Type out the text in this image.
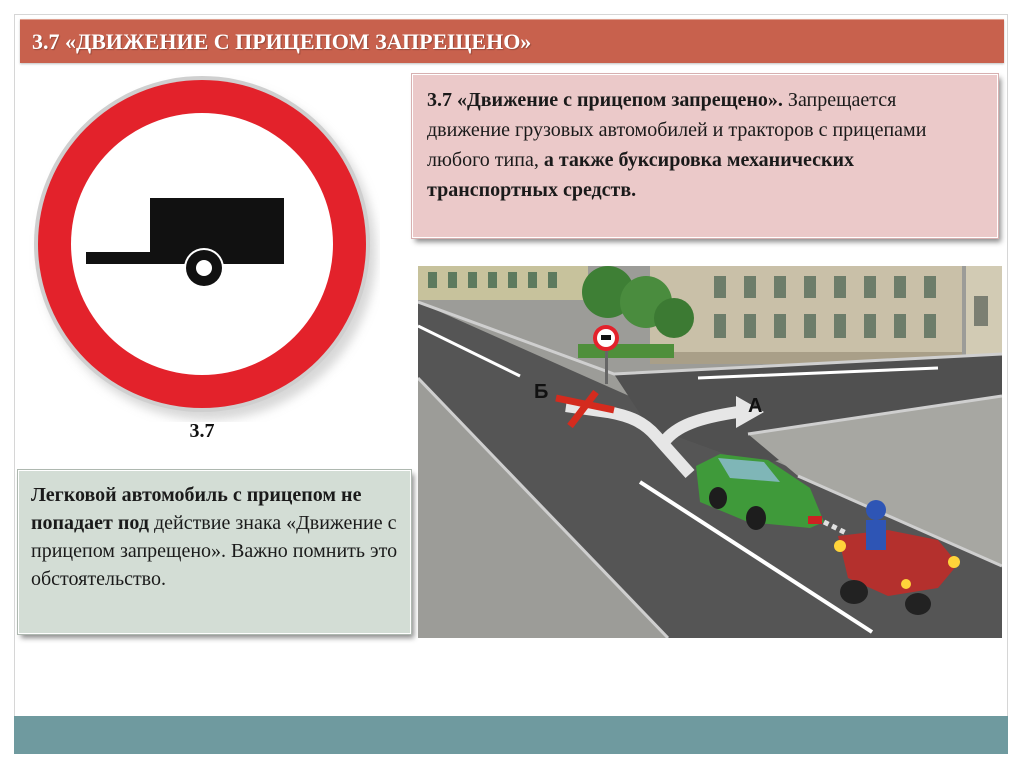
3.7 «ДВИЖЕНИЕ С ПРИЦЕПОМ ЗАПРЕЩЕНО»
3.7
3.7 «Движение с прицепом запрещено». Запрещается движение грузовых автомобилей и тракторов с прицепами любого типа, а также буксировка механических транспортных средств.
Легковой автомобиль с прицепом не попадает под действие знака «Движение с прицепом запрещено». Важно помнить это обстоятельство.
Б
А
